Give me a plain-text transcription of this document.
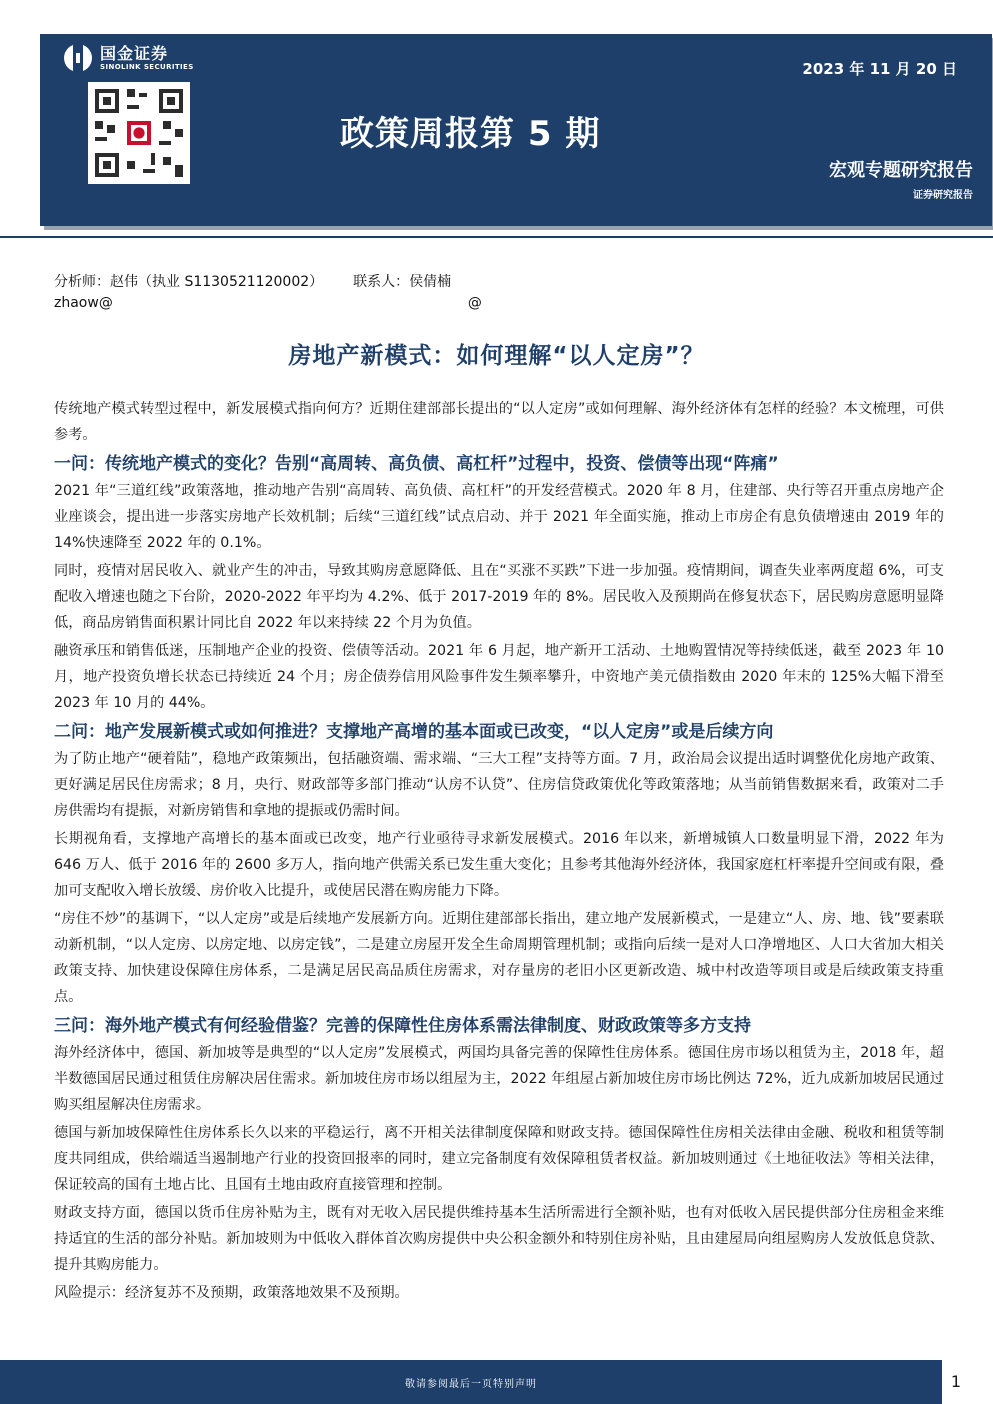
国金证券
SINOLINK SECURITIES	2023 年 11 月 20 日
政策周报第 5 期
宏观专题研究报告
证券研究报告
分析师：赵伟（执业 S1130521120002） 联系人：侯倩楠
zhaow@	@
房地产新模式：如何理解“以人定房”？

传统地产模式转型过程中，新发展模式指向何方？近期住建部部长提出的“以人定房”或如何理解、海外经济体有怎样的经验？本文梳理，可供参考。

一问：传统地产模式的变化？告别“高周转、高负债、高杠杆”过程中，投资、偿债等出现“阵痛”

2021 年“三道红线”政策落地，推动地产告别“高周转、高负债、高杠杆”的开发经营模式。2020 年 8 月，住建部、央行等召开重点房地产企业座谈会，提出进一步落实房地产长效机制；后续“三道红线”试点启动、并于 2021 年全面实施，推动上市房企有息负债增速由 2019 年的 14%快速降至 2022 年的 0.1%。

同时，疫情对居民收入、就业产生的冲击，导致其购房意愿降低、且在“买涨不买跌”下进一步加强。疫情期间，调查失业率两度超 6%，可支配收入增速也随之下台阶，2020-2022 年平均为 4.2%、低于 2017-2019 年的 8%。居民收入及预期尚在修复状态下，居民购房意愿明显降低，商品房销售面积累计同比自 2022 年以来持续 22 个月为负值。

融资承压和销售低迷，压制地产企业的投资、偿债等活动。2021 年 6 月起，地产新开工活动、土地购置情况等持续低迷，截至 2023 年 10 月，地产投资负增长状态已持续近 24 个月；房企债券信用风险事件发生频率攀升，中资地产美元债指数由 2020 年末的 125%大幅下滑至 2023 年 10 月的 44%。

二问：地产发展新模式或如何推进？支撑地产高增的基本面或已改变，“以人定房”或是后续方向

为了防止地产“硬着陆”，稳地产政策频出，包括融资端、需求端、“三大工程”支持等方面。7 月，政治局会议提出适时调整优化房地产政策、更好满足居民住房需求；8 月，央行、财政部等多部门推动“认房不认贷”、住房信贷政策优化等政策落地；从当前销售数据来看，政策对二手房供需均有提振，对新房销售和拿地的提振或仍需时间。

长期视角看，支撑地产高增长的基本面或已改变，地产行业亟待寻求新发展模式。2016 年以来，新增城镇人口数量明显下滑，2022 年为 646 万人、低于 2016 年的 2600 多万人，指向地产供需关系已发生重大变化；且参考其他海外经济体，我国家庭杠杆率提升空间或有限，叠加可支配收入增长放缓、房价收入比提升，或使居民潜在购房能力下降。

“房住不炒”的基调下，“以人定房”或是后续地产发展新方向。近期住建部部长指出，建立地产发展新模式，一是建立“人、房、地、钱”要素联动新机制，“以人定房、以房定地、以房定钱”，二是建立房屋开发全生命周期管理机制；或指向后续一是对人口净增地区、人口大省加大相关政策支持、加快建设保障住房体系，二是满足居民高品质住房需求，对存量房的老旧小区更新改造、城中村改造等项目或是后续政策支持重点。

三问：海外地产模式有何经验借鉴？完善的保障性住房体系需法律制度、财政政策等多方支持

海外经济体中，德国、新加坡等是典型的“以人定房”发展模式，两国均具备完善的保障性住房体系。德国住房市场以租赁为主，2018 年，超半数德国居民通过租赁住房解决居住需求。新加坡住房市场以组屋为主，2022 年组屋占新加坡住房市场比例达 72%，近九成新加坡居民通过购买组屋解决住房需求。

德国与新加坡保障性住房体系长久以来的平稳运行，离不开相关法律制度保障和财政支持。德国保障性住房相关法律由金融、税收和租赁等制度共同组成，供给端适当遏制地产行业的投资回报率的同时，建立完备制度有效保障租赁者权益。新加坡则通过《土地征收法》等相关法律，保证较高的国有土地占比、且国有土地由政府直接管理和控制。

财政支持方面，德国以货币住房补贴为主，既有对无收入居民提供维持基本生活所需进行全额补贴，也有对低收入居民提供部分住房租金来维持适宜的生活的部分补贴。新加坡则为中低收入群体首次购房提供中央公积金额外和特别住房补贴，且由建屋局向组屋购房人发放低息贷款、提升其购房能力。

风险提示：经济复苏不及预期，政策落地效果不及预期。

敬请参阅最后一页特别声明	1
